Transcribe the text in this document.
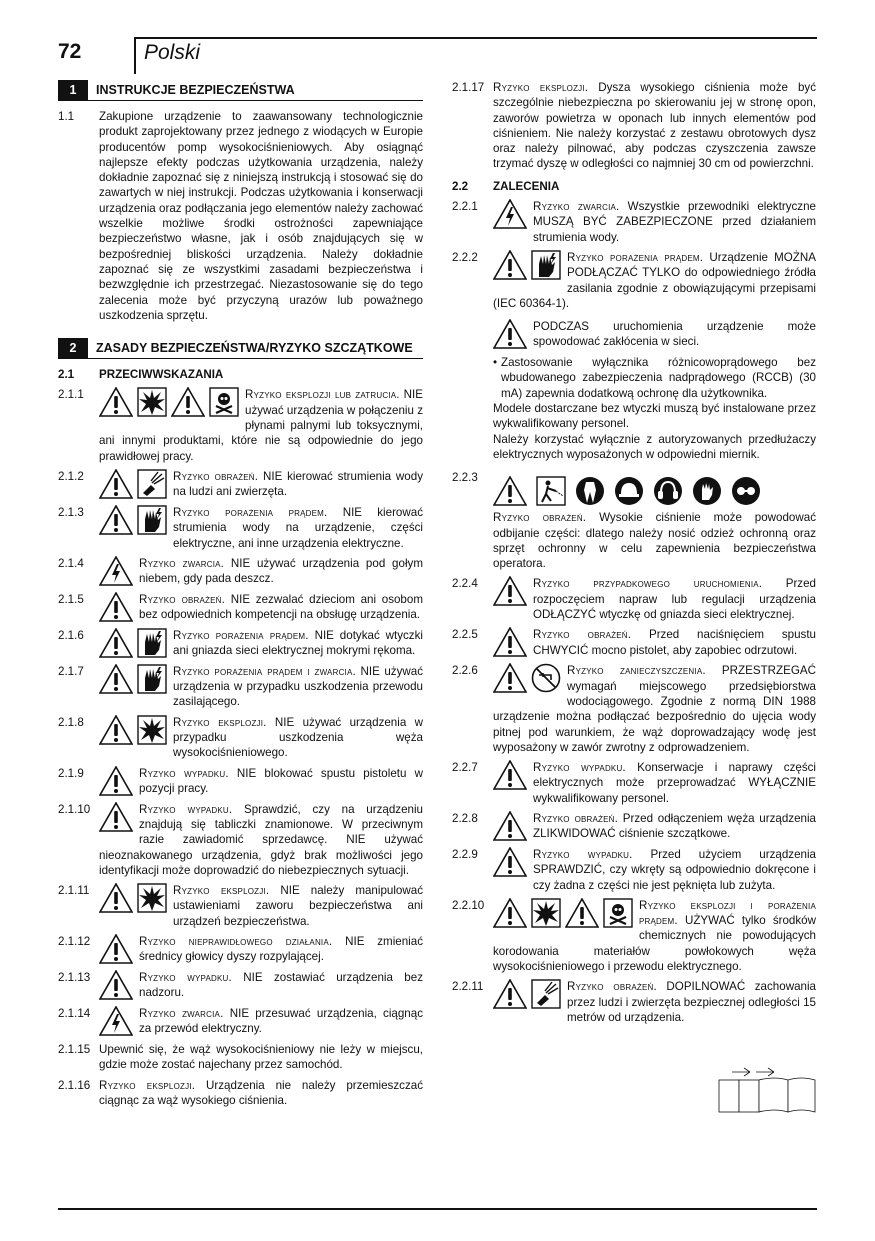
72	Polski
1	INSTRUKCJE BEZPIECZEŃSTWA
1.1	Zakupione urządzenie to zaawansowany technologicznie produkt zaprojektowany przez jednego z wiodących w Europie producentów pomp wysokociśnieniowych. Aby osiągnąć najlepsze efekty podczas użytkowania urządzenia, należy dokładnie zapoznać się z niniejszą instrukcją i stosować się do zawartych w niej instrukcji. Podczas użytkowania i konserwacji urządzenia oraz podłączania jego elementów należy zachować wszelkie możliwe środki ostrożności zapewniające bezpieczeństwo własne, jak i osób znajdujących się w bezpośredniej bliskości urządzenia. Należy dokładnie zapoznać się ze wszystkimi zasadami bezpieczeństwa i bezwzględnie ich przestrzegać. Niezastosowanie się do tego zalecenia może być przyczyną urazów lub poważnego uszkodzenia sprzętu.
2	ZASADY BEZPIECZEŃSTWA/RYZYKO SZCZĄTKOWE
2.1	PRZECIWWSKAZANIA
2.1.1	Ryzyko eksplozji lub zatrucia. NIE używać urządzenia w połączeniu z płynami palnymi lub toksycznymi, ani innymi produktami, które nie są odpowiednie do jego prawidłowej pracy.
2.1.2	Ryzyko obrażeń. NIE kierować strumienia wody na ludzi ani zwierzęta.
2.1.3	Ryzyko porażenia prądem. NIE kierować strumienia wody na urządzenie, części elektryczne, ani inne urządzenia elektryczne.
2.1.4	Ryzyko zwarcia. NIE używać urządzenia pod gołym niebem, gdy pada deszcz.
2.1.5	Ryzyko obrażeń. NIE zezwalać dzieciom ani osobom bez odpowiednich kompetencji na obsługę urządzenia.
2.1.6	Ryzyko porażenia prądem. NIE dotykać wtyczki ani gniazda sieci elektrycznej mokrymi rękoma.
2.1.7	Ryzyko porażenia prądem i zwarcia. NIE używać urządzenia w przypadku uszkodzenia przewodu zasilającego.
2.1.8	Ryzyko eksplozji. NIE używać urządzenia w przypadku uszkodzenia węża wysokociśnieniowego.
2.1.9	Ryzyko wypadku. NIE blokować spustu pistoletu w pozycji pracy.
2.1.10	Ryzyko wypadku. Sprawdzić, czy na urządzeniu znajdują się tabliczki znamionowe. W przeciwnym razie zawiadomić sprzedawcę. NIE używać nieoznakowanego urządzenia, gdyż brak możliwości jego identyfikacji może doprowadzić do niebezpiecznych sytuacji.
2.1.11	Ryzyko eksplozji. NIE należy manipulować ustawieniami zaworu bezpieczeństwa ani urządzeń bezpieczeństwa.
2.1.12	Ryzyko nieprawidłowego działania. NIE zmieniać średnicy głowicy dyszy rozpylającej.
2.1.13	Ryzyko wypadku. NIE zostawiać urządzenia bez nadzoru.
2.1.14	Ryzyko zwarcia. NIE przesuwać urządzenia, ciągnąc za przewód elektryczny.
2.1.15 Upewnić się, że wąż wysokociśnieniowy nie leży w miejscu, gdzie może zostać najechany przez samochód.
2.1.16 Ryzyko eksplozji. Urządzenia nie należy przemieszczać ciągnąc za wąż wysokiego ciśnienia.
2.1.17 Ryzyko eksplozji. Dysza wysokiego ciśnienia może być szczególnie niebezpieczna po skierowaniu jej w stronę opon, zaworów powietrza w oponach lub innych elementów pod ciśnieniem. Nie należy korzystać z zestawu obrotowych dysz oraz należy pilnować, aby podczas czyszczenia zawsze trzymać dyszę w odległości co najmniej 30 cm od powierzchni.
2.2	ZALECENIA
2.2.1	Ryzyko zwarcia. Wszystkie przewodniki elektryczne MUSZĄ BYĆ ZABEZPIECZONE przed działaniem strumienia wody.
2.2.2	Ryzyko porażenia prądem. Urządzenie MOŻNA PODŁĄCZAĆ TYLKO do odpowiedniego źródła zasilania zgodnie z obowiązującymi przepisami (IEC 60364-1).
PODCZAS uruchomienia urządzenie może spowodować zakłócenia w sieci.
• Zastosowanie wyłącznika różnicowoprądowego bez wbudowanego zabezpieczenia nadprądowego (RCCB) (30 mA) zapewnia dodatkową ochronę dla użytkownika.
Modele dostarczane bez wtyczki muszą być instalowane przez wykwalifikowany personel.
Należy korzystać wyłącznie z autoryzowanych przedłużaczy elektrycznych wyposażonych w odpowiedni miernik.
2.2.3
Ryzyko obrażeń. Wysokie ciśnienie może powodować odbijanie części: dlatego należy nosić odzież ochronną oraz sprzęt ochronny w celu zapewnienia bezpieczeństwa operatora.
2.2.4	Ryzyko przypadkowego uruchomienia. Przed rozpoczęciem napraw lub regulacji urządzenia ODŁĄCZYĆ wtyczkę od gniazda sieci elektrycznej.
2.2.5	Ryzyko obrażeń. Przed naciśnięciem spustu CHWYCIĆ mocno pistolet, aby zapobiec odrzutowi.
2.2.6	Ryzyko zanieczyszczenia. PRZESTRZEGAĆ wymagań miejscowego przedsiębiorstwa wodociągowego. Zgodnie z normą DIN 1988 urządzenie można podłączać bezpośrednio do ujęcia wody pitnej pod warunkiem, że wąż doprowadzający wodę jest wyposażony w zawór zwrotny z odprowadzeniem.
2.2.7	Ryzyko wypadku. Konserwacje i naprawy części elektrycznych może przeprowadzać WYŁĄCZNIE wykwalifikowany personel.
2.2.8	Ryzyko obrażeń. Przed odłączeniem węża urządzenia ZLIKWIDOWAĆ ciśnienie szczątkowe.
2.2.9	Ryzyko wypadku. Przed użyciem urządzenia SPRAWDZIĆ, czy wkręty są odpowiednio dokręcone i czy żadna z części nie jest pęknięta lub zużyta.
2.2.10	Ryzyko eksplozji i porażenia prądem. UŻYWAĆ tylko środków chemicznych nie powodujących korodowania materiałów powłokowych węża wysokociśnieniowego i przewodu elektrycznego.
2.2.11	Ryzyko obrażeń. DOPILNOWAĆ zachowania przez ludzi i zwierzęta bezpiecznej odległości 15 metrów od urządzenia.
